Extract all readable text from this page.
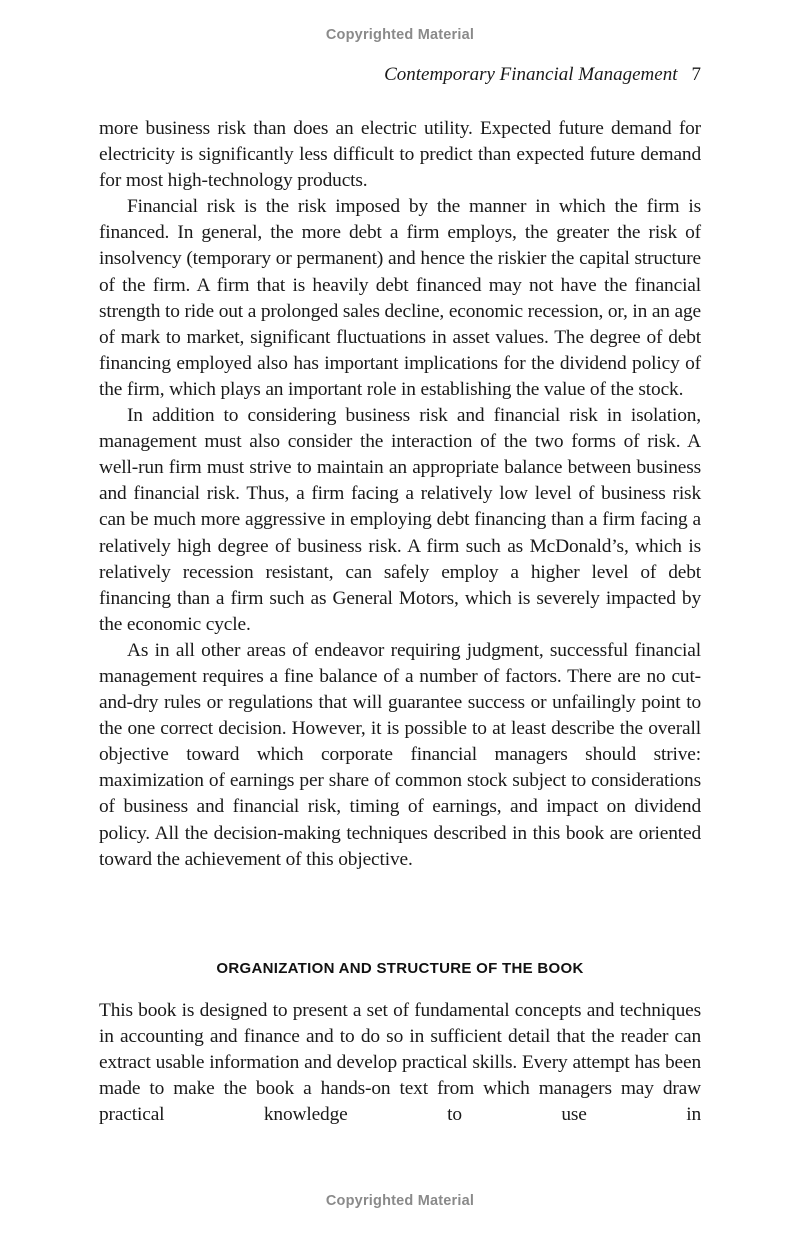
Copyrighted Material
Contemporary Financial Management 7

more business risk than does an electric utility. Expected future demand for electricity is significantly less difficult to predict than expected future demand for most high-technology products.

Financial risk is the risk imposed by the manner in which the firm is financed. In general, the more debt a firm employs, the greater the risk of insolvency (temporary or permanent) and hence the riskier the capital structure of the firm. A firm that is heavily debt financed may not have the financial strength to ride out a prolonged sales decline, economic recession, or, in an age of mark to market, significant fluctuations in asset values. The degree of debt financing employed also has important implications for the dividend policy of the firm, which plays an important role in establishing the value of the stock.

In addition to considering business risk and financial risk in isolation, management must also consider the interaction of the two forms of risk. A well-run firm must strive to maintain an appropriate balance between business and financial risk. Thus, a firm facing a relatively low level of business risk can be much more aggressive in employing debt financing than a firm facing a relatively high degree of business risk. A firm such as McDonald’s, which is relatively recession resistant, can safely employ a higher level of debt financing than a firm such as General Motors, which is severely impacted by the economic cycle.

As in all other areas of endeavor requiring judgment, successful financial management requires a fine balance of a number of factors. There are no cut-and-dry rules or regulations that will guarantee success or unfailingly point to the one correct decision. However, it is possible to at least describe the overall objective toward which corporate financial managers should strive: maximization of earnings per share of common stock subject to considerations of business and financial risk, timing of earnings, and impact on dividend policy. All the decision-making techniques described in this book are oriented toward the achievement of this objective.

ORGANIZATION AND STRUCTURE OF THE BOOK

This book is designed to present a set of fundamental concepts and techniques in accounting and finance and to do so in sufficient detail that the reader can extract usable information and develop practical skills. Every attempt has been made to make the book a hands-on text from which managers may draw practical knowledge to use in

Copyrighted Material
